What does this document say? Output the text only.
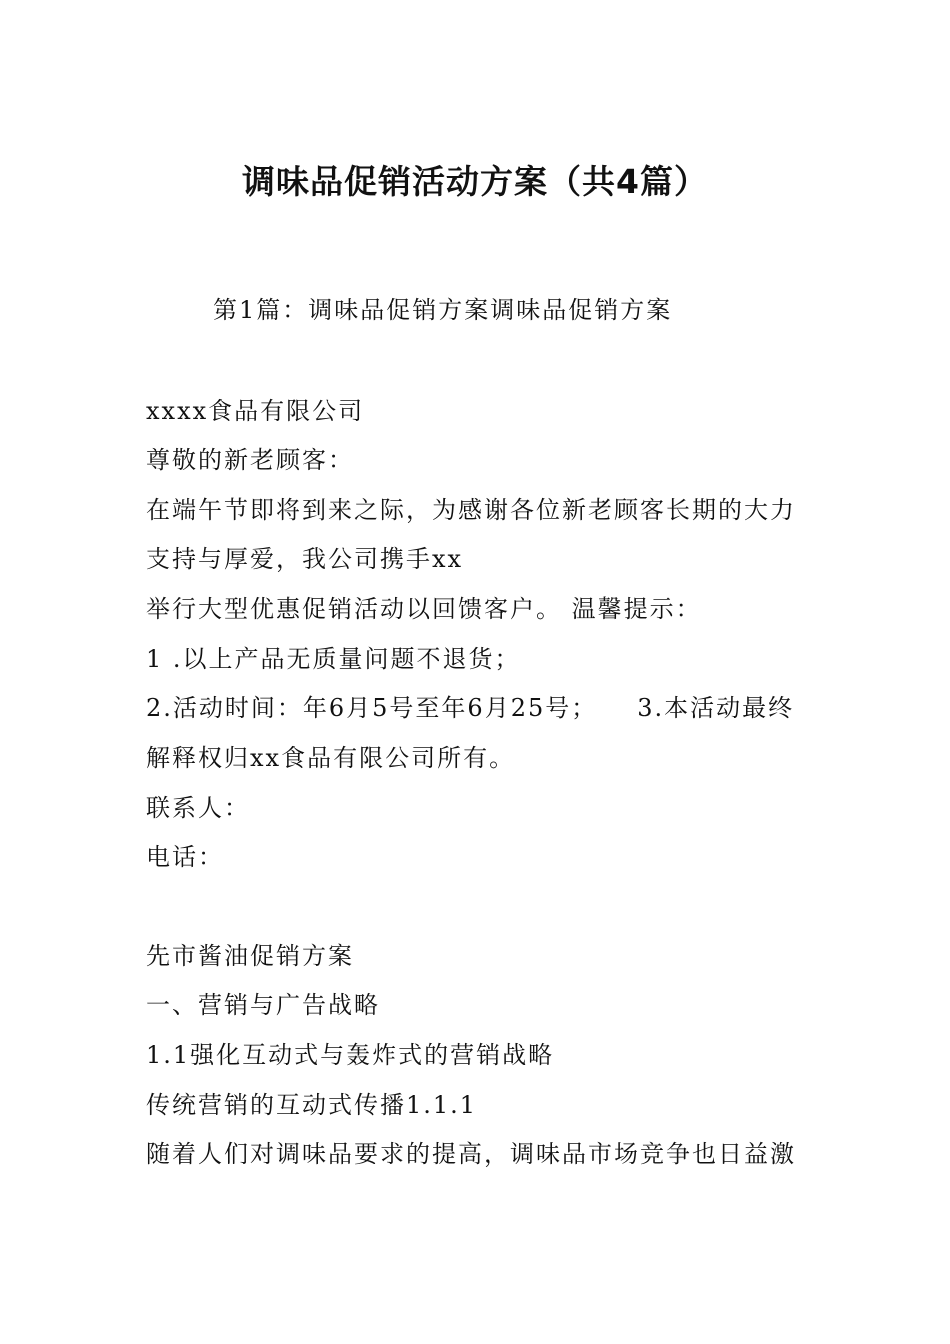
调味品促销活动方案（共4篇）

第1篇：调味品促销方案调味品促销方案

xxxx食品有限公司

尊敬的新老顾客：

在端午节即将到来之际，为感谢各位新老顾客长期的大力

支持与厚爱，我公司携手xx

举行大型优惠促销活动以回馈客户。 温馨提示：

1 .以上产品无质量问题不退货；

2.活动时间：年6月5号至年6月25号； 3.本活动最终

解释权归xx食品有限公司所有。

联系人：

电话：

先市酱油促销方案

一、营销与广告战略

1.1强化互动式与轰炸式的营销战略

传统营销的互动式传播1.1.1

随着人们对调味品要求的提高，调味品市场竞争也日益激
